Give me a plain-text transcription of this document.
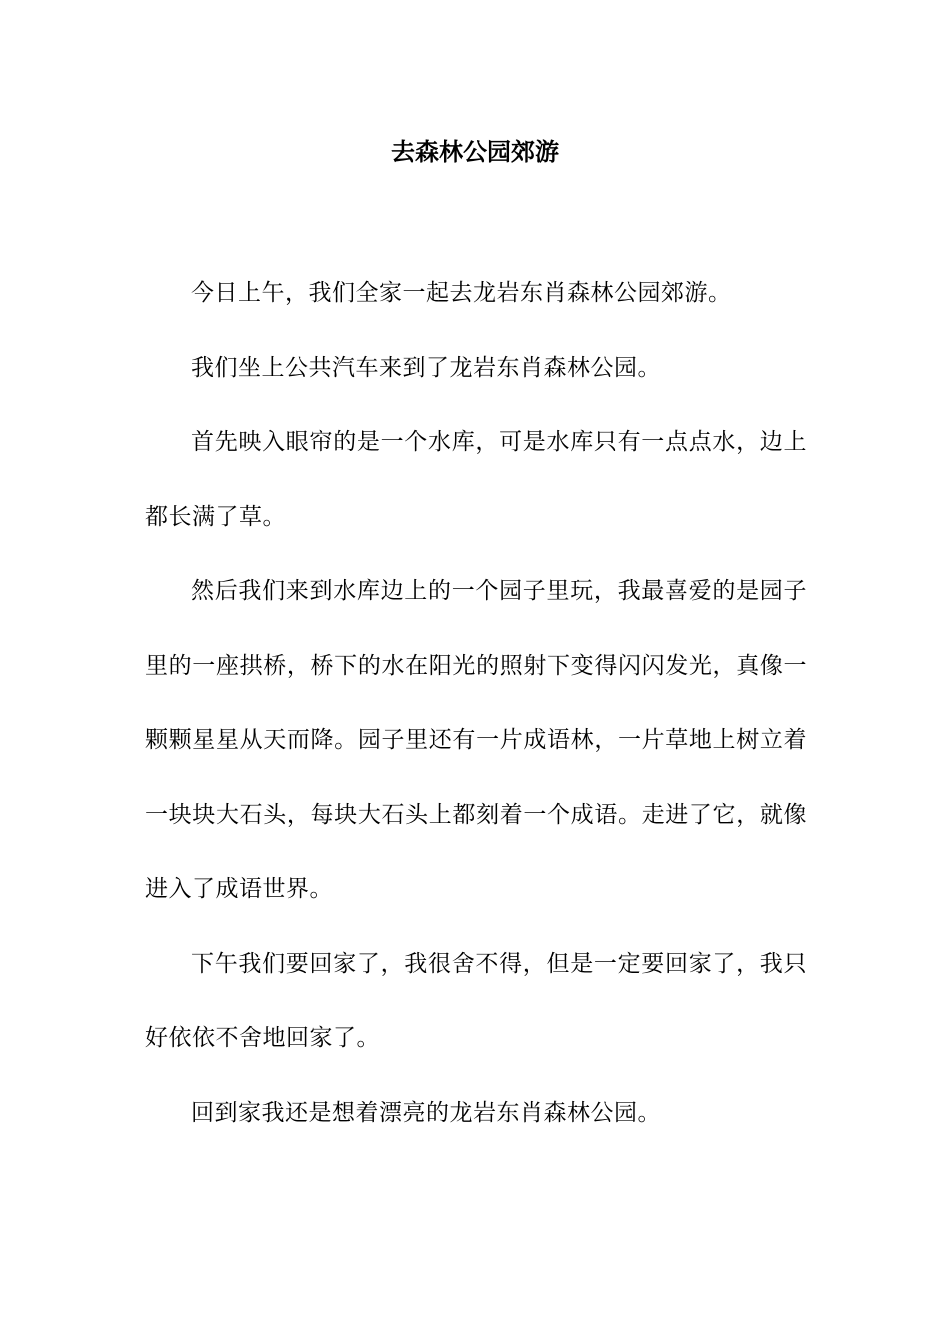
去森林公园郊游

今日上午，我们全家一起去龙岩东肖森林公园郊游。

我们坐上公共汽车来到了龙岩东肖森林公园。

首先映入眼帘的是一个水库，可是水库只有一点点水，边上都长满了草。

然后我们来到水库边上的一个园子里玩，我最喜爱的是园子里的一座拱桥，桥下的水在阳光的照射下变得闪闪发光，真像一颗颗星星从天而降。园子里还有一片成语林，一片草地上树立着一块块大石头，每块大石头上都刻着一个成语。走进了它，就像进入了成语世界。

下午我们要回家了，我很舍不得，但是一定要回家了，我只好依依不舍地回家了。

回到家我还是想着漂亮的龙岩东肖森林公园。
